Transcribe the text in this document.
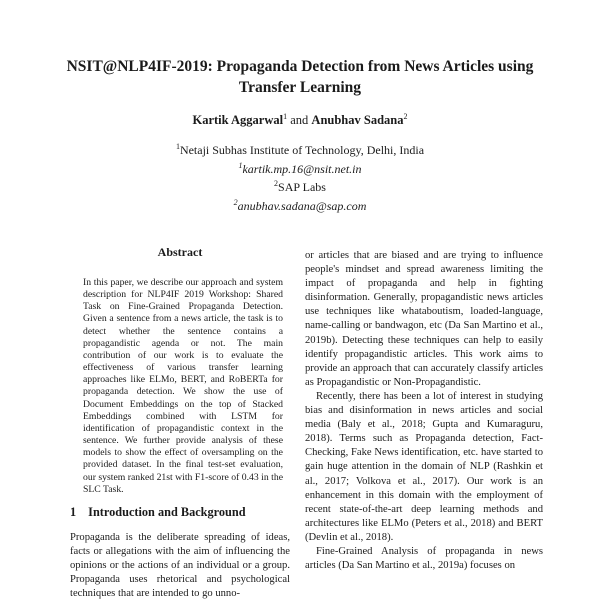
NSIT@NLP4IF-2019: Propaganda Detection from News Articles using Transfer Learning
Kartik Aggarwal$^1$ and Anubhav Sadana$^2$
$^1$Netaji Subhas Institute of Technology, Delhi, India
$^1$kartik.mp.16@nsit.net.in
$^2$SAP Labs
$^2$anubhav.sadana@sap.com
Abstract
In this paper, we describe our approach and system description for NLP4IF 2019 Workshop: Shared Task on Fine-Grained Propaganda Detection. Given a sentence from a news article, the task is to detect whether the sentence contains a propagandistic agenda or not. The main contribution of our work is to evaluate the effectiveness of various transfer learning approaches like ELMo, BERT, and RoBERTa for propaganda detection. We show the use of Document Embeddings on the top of Stacked Embeddings combined with LSTM for identification of propagandistic context in the sentence. We further provide analysis of these models to show the effect of oversampling on the provided dataset. In the final test-set evaluation, our system ranked 21st with F1-score of 0.43 in the SLC Task.
1 Introduction and Background

Propaganda is the deliberate spreading of ideas, facts or allegations with the aim of influencing the opinions or the actions of an individual or a group. Propaganda uses rhetorical and psychological techniques that are intended to go unno-

or articles that are biased and are trying to influence people's mindset and spread awareness limiting the impact of propaganda and help in fighting disinformation. Generally, propagandistic news articles use techniques like whataboutism, loaded-language, name-calling or bandwagon, etc (Da San Martino et al., 2019b). Detecting these techniques can help to easily identify propagandistic articles. This work aims to provide an approach that can accurately classify articles as Propagandistic or Non-Propagandistic.

Recently, there has been a lot of interest in studying bias and disinformation in news articles and social media (Baly et al., 2018; Gupta and Kumaraguru, 2018). Terms such as Propaganda detection, Fact-Checking, Fake News identification, etc. have started to gain huge attention in the domain of NLP (Rashkin et al., 2017; Volkova et al., 2017). Our work is an enhancement in this domain with the employment of recent state-of-the-art deep learning methods and architectures like ELMo (Peters et al., 2018) and BERT (Devlin et al., 2018).

Fine-Grained Analysis of propaganda in news articles (Da San Martino et al., 2019a) focuses on
